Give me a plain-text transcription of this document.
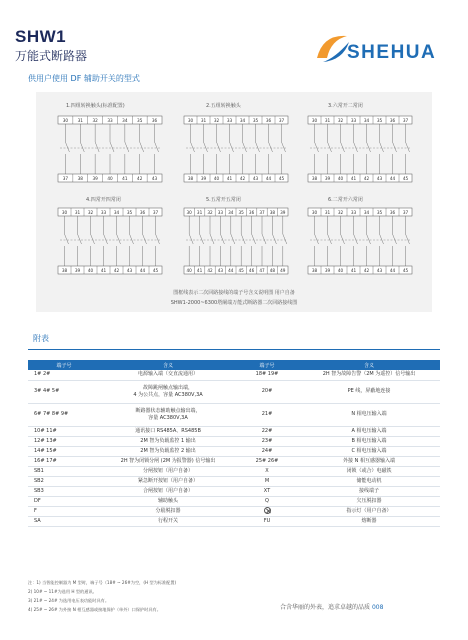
SHW1
万能式断路器	SHEHUA
供用户使用 DF 辅助开关的型式
1.四组转换触头(标准配置)	2.五组转换触头	3.六常开二常闭
4.四常开四常闭	5.五常开五常闭	6.二常开六常闭
30 31 32 33 34 35 36
37 38 39 40 41 42 43
30 31 32 33 34 35 36 37
38 39 40 41 42 43 44 45
30 31 32 33 34 35 36 37
38 39 40 41 42 43 44 45
30 31 32 33 34 35 36 37
38 39 40 41 42 43 44 45
30 31 32 33 34 35 36 37 38 39
40 41 42 43 44 45 46 47 48 49
30 31 32 33 34 35 36 37
38 39 40 41 42 43 44 45
图框线表示二次回路接线的端子号含义说明图 用户自备
SHW1-2000~6300塔阑端万能式断路器二次回路接线图
附表
端子号	含义	端子号	含义
1# 2#	电源输入端（交直流通用）	18# 19#	2H 智为故障告警（2M 为遥控）信号输出
3# 4# 5#	故障跳闸触点输出端，
4 为公共点，容量 AC380V,3A	20#	PE 线，屏蔽地连接
6# 7# 8# 9#	断路器状态辅助触点输出端，
容量 AC380V,3A	21#	N 相电压输入端
10# 11#	通讯接口 RS485A、RS485B	22#	A 相电压输入端
12# 13#	2M 智为负载监控 1 输出	23#	B 相电压输入端
14# 15#	2M 智为负载监控 2 输出	24#	C 相电压输入端
16# 17#	2H 智为闭锁分闸 (2M 为报警器) 信号输出	25# 26#	外接 N 相互感器输入端
SB1	分闸按钮（用户自备）	X	闭锁（或合）电磁铁
SB2	紧急断开按钮（用户自备）	M	储能电动机
SB3	合闸按钮（用户自备）	XT	接线端子
DF	辅助触头	Q	欠压脱扣器
F	分励脱扣器		指示灯（用户自备）
SA	行程开关	FU	熔断器
注：1) 当智能控制器为 M 型时，端子号（18# ~ 26#为空，(H 型为标准配置)
2) 10# ~ 11#为选用 H 型的通讯。
3) 21# ~ 24# 为选用电压表功能时具有。
4) 25# ~ 26# 为外接 N 相互感器或接地保护（单外）口保护时具有。	合含华丽的外表，追求卓越的品质 008
